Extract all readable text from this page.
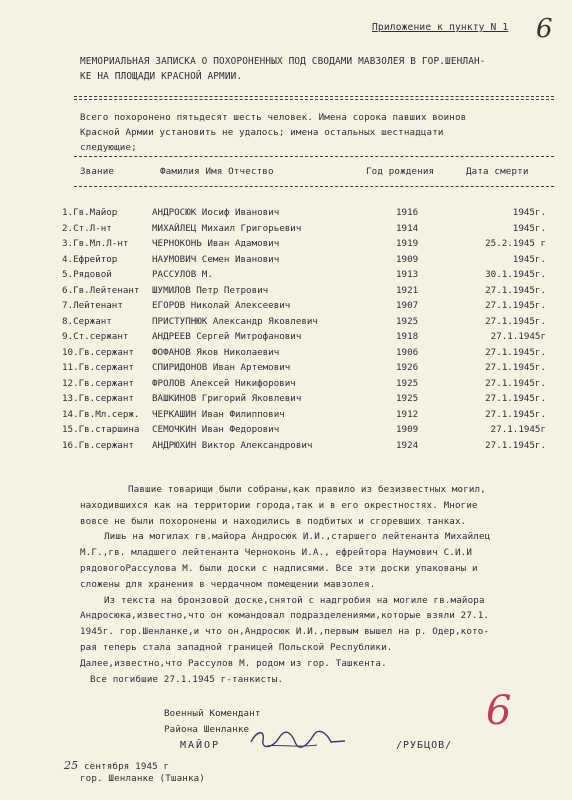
Приложение к пункту N 1 6
МЕМОРИАЛЬНАЯ ЗАПИСКА О ПОХОРОНЕННЫХ ПОД СВОДАМИ МАВЗОЛЕЯ В ГОР.ШЕНЛАН-
КЕ НА ПЛОЩАДИ КРАСНОЙ АРМИИ.
Всего похоронено пятьдесят шесть человек. Имена сорока павших воинов
Красной Армии установить не удалось; имена остальных шестнадцати
следующие;
Звание	Фамилия Имя Отчество	Год рождения	Дата смерти
1.Гв.Майор	АНДРОСЮК Иосиф Иванович	1916	1945г.
2.Ст.Л-нт	МИХАЙЛЕЦ Михаил Григорьевич	1914	1945г.
3.Гв.Мл.Л-нт	ЧЕРНОКОНЬ Иван Адамович	1919	25.2.1945 г
4.Ефрейтор	НАУМОВИЧ Семен Иванович	1909	1945г.
5.Рядовой	РАССУЛОВ М.	1913	30.1.1945г.
6.Гв.Лейтенант ШУМИЛОВ Петр Петрович	1921	27.1.1945г.
7.Лейтенант	ЕГОРОВ Николай Алексеевич	1907	27.1.1945г.
8.Сержант	ПРИСТУПНЮК Александр Яковлевич	1925	27.1.1945г.
9.Ст.сержант	АНДРЕЕВ Сергей Митрофанович	1918	27.1.1945г
10.Гв.сержант ФОФАНОВ Яков Николаевич	1906	27.1.1945г.
11.Гв.сержант СПИРИДОНОВ Иван Артемович	1926	27.1.1945г.
12.Гв.сержант ФРОЛОВ Алексей Никифорович	1925	27.1.1945г.
13.Гв.сержант ВАШКИНОВ Григорий Яковлевич	1925	27.1.1945г.
14.Гв.Мл.серж. ЧЕРКАШИН Иван Филиппович	1912	27.1.1945г.
15.Гв.старшина СЕМОЧКИН Иван Федорович	1909	27.1.1945г
16.Гв.сержант АНДРЮХИН Виктор Александрович	1924	27.1.1945г.
Павшие товарищи были собраны,как правило из безизвестных могил,
находившихся как на территории города,так и в его окрестностях. Многие
вовсе не были похоронены и находились в подбитых и сгоревших танках.
Лишь на могилах гв.майора Андросюк И.И.,старшего лейтенанта Михайлец
М.Г.,гв. младшего лейтенанта Черноконь И.А., ефрейтора Наумович С.И.И
рядовогоРассулова М. были доски с надписями. Все эти доски упакованы и
сложены для хранения в чердачном помещении мавзолея.
Из текста на бронзовой доске,снятой с надгробия на могиле гв.майора
Андросюка,известно,что он командовал подразделениями,которые взяли 27.1.
1945г. гор.Шенланке,и что он,Андросюк И.И.,первым вышел на р. Одер,кото-
рая теперь стала западной границей Польской Республики.
Далее,известно,что Рассулов М. родом из гор. Ташкента.
Все погибшие 27.1.1945 г-танкисты.
Военный Комендант
Района Шенланке
МАЙОР	/РУБЦОВ/
6
25 сентября 1945 г
гор. Шенланке (Тшанка)
